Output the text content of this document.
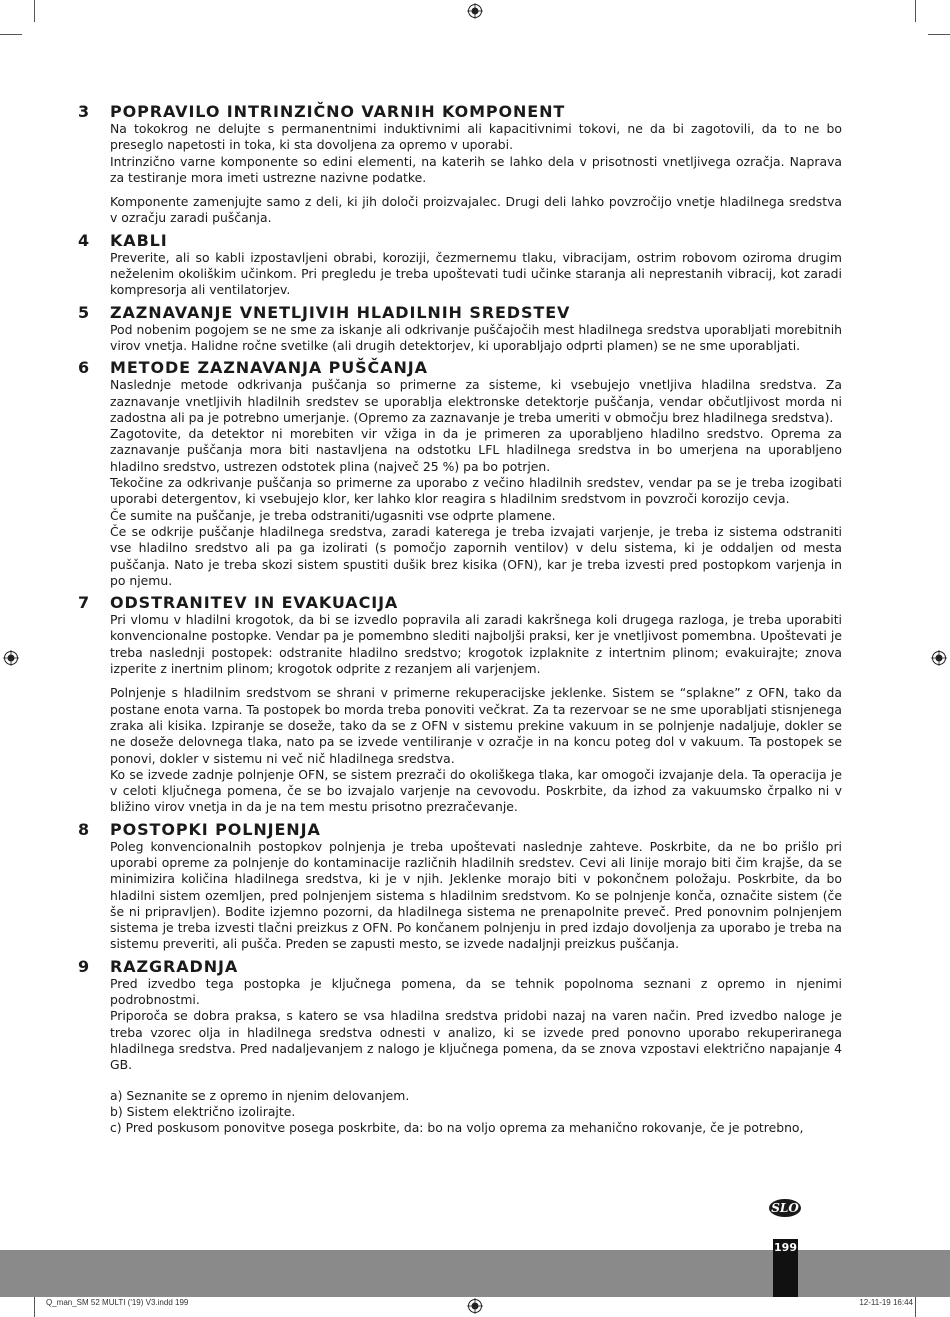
3 POPRAVILO INTRINZIČNO VARNIH KOMPONENT

Na tokokrog ne delujte s permanentnimi induktivnimi ali kapacitivnimi tokovi, ne da bi zagotovili, da to ne bo preseglo napetosti in toka, ki sta dovoljena za opremo v uporabi.

Intrinzično varne komponente so edini elementi, na katerih se lahko dela v prisotnosti vnetljivega ozračja. Naprava za testiranje mora imeti ustrezne nazivne podatke.

Komponente zamenjujte samo z deli, ki jih določi proizvajalec. Drugi deli lahko povzročijo vnetje hladilnega sredstva v ozračju zaradi puščanja.

4 KABLI

Preverite, ali so kabli izpostavljeni obrabi, koroziji, čezmernemu tlaku, vibracijam, ostrim robovom oziroma drugim neželenim okoliškim učinkom. Pri pregledu je treba upoštevati tudi učinke staranja ali neprestanih vibracij, kot zaradi kompresorja ali ventilatorjev.

5 ZAZNAVANJE VNETLJIVIH HLADILNIH SREDSTEV

Pod nobenim pogojem se ne sme za iskanje ali odkrivanje puščajočih mest hladilnega sredstva uporabljati morebitnih virov vnetja. Halidne ročne svetilke (ali drugih detektorjev, ki uporabljajo odprti plamen) se ne sme uporabljati.

6 METODE ZAZNAVANJA PUŠČANJA

Naslednje metode odkrivanja puščanja so primerne za sisteme, ki vsebujejo vnetljiva hladilna sredstva. Za zaznavanje vnetljivih hladilnih sredstev se uporablja elektronske detektorje puščanja, vendar občutljivost morda ni zadostna ali pa je potrebno umerjanje. (Opremo za zaznavanje je treba umeriti v območju brez hladilnega sredstva).

Zagotovite, da detektor ni morebiten vir vžiga in da je primeren za uporabljeno hladilno sredstvo. Oprema za zaznavanje puščanja mora biti nastavljena na odstotku LFL hladilnega sredstva in bo umerjena na uporabljeno hladilno sredstvo, ustrezen odstotek plina (največ 25 %) pa bo potrjen.

Tekočine za odkrivanje puščanja so primerne za uporabo z večino hladilnih sredstev, vendar pa se je treba izogibati uporabi detergentov, ki vsebujejo klor, ker lahko klor reagira s hladilnim sredstvom in povzroči korozijo cevja.

Če sumite na puščanje, je treba odstraniti/ugasniti vse odprte plamene.

Če se odkrije puščanje hladilnega sredstva, zaradi katerega je treba izvajati varjenje, je treba iz sistema odstraniti vse hladilno sredstvo ali pa ga izolirati (s pomočjo zapornih ventilov) v delu sistema, ki je oddaljen od mesta puščanja. Nato je treba skozi sistem spustiti dušik brez kisika (OFN), kar je treba izvesti pred postopkom varjenja in po njemu.

7 ODSTRANITEV IN EVAKUACIJA

Pri vlomu v hladilni krogotok, da bi se izvedlo popravila ali zaradi kakršnega koli drugega razloga, je treba uporabiti konvencionalne postopke. Vendar pa je pomembno slediti najboljši praksi, ker je vnetljivost pomembna. Upoštevati je treba naslednji postopek: odstranite hladilno sredstvo; krogotok izplaknite z intertnim plinom; evakuirajte; znova izperite z inertnim plinom; krogotok odprite z rezanjem ali varjenjem.

Polnjenje s hladilnim sredstvom se shrani v primerne rekuperacijske jeklenke. Sistem se “splakne” z OFN, tako da postane enota varna. Ta postopek bo morda treba ponoviti večkrat. Za ta rezervoar se ne sme uporabljati stisnjenega zraka ali kisika. Izpiranje se doseže, tako da se z OFN v sistemu prekine vakuum in se polnjenje nadaljuje, dokler se ne doseže delovnega tlaka, nato pa se izvede ventiliranje v ozračje in na koncu poteg dol v vakuum. Ta postopek se ponovi, dokler v sistemu ni več nič hladilnega sredstva.

Ko se izvede zadnje polnjenje OFN, se sistem prezrači do okoliškega tlaka, kar omogoči izvajanje dela. Ta operacija je v celoti ključnega pomena, če se bo izvajalo varjenje na cevovodu. Poskrbite, da izhod za vakuumsko črpalko ni v bližino virov vnetja in da je na tem mestu prisotno prezračevanje.

8 POSTOPKI POLNJENJA

Poleg konvencionalnih postopkov polnjenja je treba upoštevati naslednje zahteve. Poskrbite, da ne bo prišlo pri uporabi opreme za polnjenje do kontaminacije različnih hladilnih sredstev. Cevi ali linije morajo biti čim krajše, da se minimizira količina hladilnega sredstva, ki je v njih. Jeklenke morajo biti v pokončnem položaju. Poskrbite, da bo hladilni sistem ozemljen, pred polnjenjem sistema s hladilnim sredstvom. Ko se polnjenje konča, označite sistem (če še ni pripravljen). Bodite izjemno pozorni, da hladilnega sistema ne prenapolnite preveč. Pred ponovnim polnjenjem sistema je treba izvesti tlačni preizkus z OFN. Po končanem polnjenju in pred izdajo dovoljenja za uporabo je treba na sistemu preveriti, ali pušča. Preden se zapusti mesto, se izvede nadaljnji preizkus puščanja.

9 RAZGRADNJA

Pred izvedbo tega postopka je ključnega pomena, da se tehnik popolnoma seznani z opremo in njenimi podrobnostmi.

Priporoča se dobra praksa, s katero se vsa hladilna sredstva pridobi nazaj na varen način. Pred izvedbo naloge je treba vzorec olja in hladilnega sredstva odnesti v analizo, ki se izvede pred ponovno uporabo rekuperiranega hladilnega sredstva. Pred nadaljevanjem z nalogo je ključnega pomena, da se znova vzpostavi električno napajanje 4 GB.

a) Seznanite se z opremo in njenim delovanjem.

b) Sistem električno izolirajte.

c) Pred poskusom ponovitve posega poskrbite, da: bo na voljo oprema za mehanično rokovanje, če je potrebno,

SLO
199
Q_man_SM 52 MULTI ('19) V3.indd 199	12-11-19 16:44
